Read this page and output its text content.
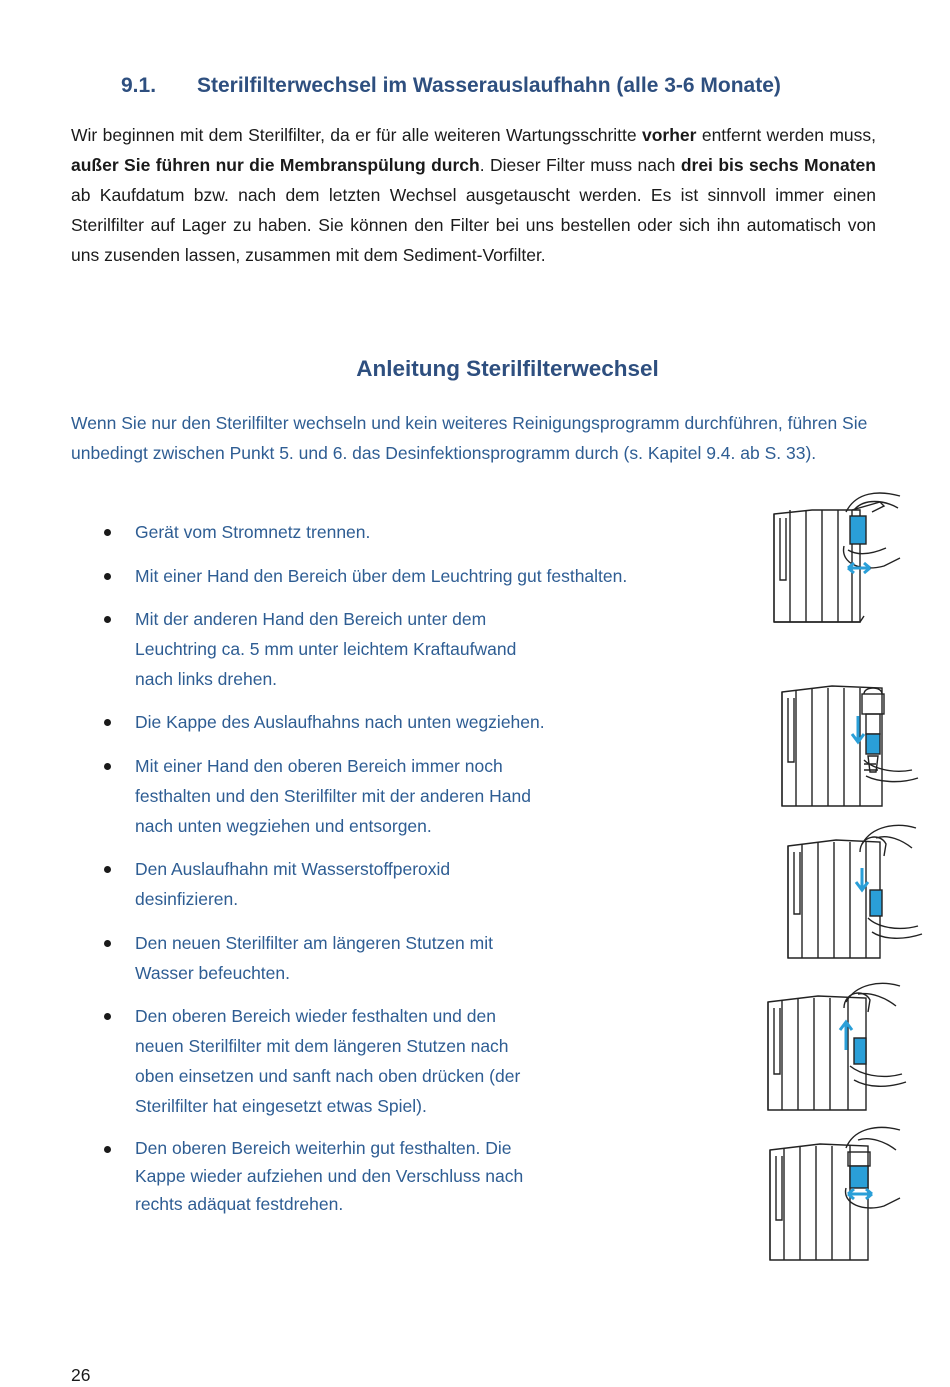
9.1. Sterilfilterwechsel im Wasserauslaufhahn (alle 3-6 Monate)

Wir beginnen mit dem Sterilfilter, da er für alle weiteren Wartungsschritte vorher entfernt werden muss, außer Sie führen nur die Membranspülung durch. Dieser Filter muss nach drei bis sechs Monaten ab Kaufdatum bzw. nach dem letzten Wechsel ausgetauscht werden. Es ist sinnvoll immer einen Sterilfilter auf Lager zu haben. Sie können den Filter bei uns bestellen oder sich ihn automatisch von uns zusenden lassen, zusammen mit dem Sediment-Vorfilter.

Anleitung Sterilfilterwechsel

Wenn Sie nur den Sterilfilter wechseln und kein weiteres Reinigungsprogramm durchführen, führen Sie unbedingt zwischen Punkt 5. und 6. das Desinfektionsprogramm durch (s. Kapitel 9.4. ab S. 33).

Gerät vom Stromnetz trennen.
Mit einer Hand den Bereich über dem Leuchtring gut festhalten.
Mit der anderen Hand den Bereich unter dem
Leuchtring ca. 5 mm unter leichtem Kraftaufwand
nach links drehen.
Die Kappe des Auslaufhahns nach unten wegziehen.
Mit einer Hand den oberen Bereich immer noch
festhalten und den Sterilfilter mit der anderen Hand
nach unten wegziehen und entsorgen.
Den Auslaufhahn mit Wasserstoffperoxid
desinfizieren.
Den neuen Sterilfilter am längeren Stutzen mit
Wasser befeuchten.
Den oberen Bereich wieder festhalten und den
neuen Sterilfilter mit dem längeren Stutzen nach
oben einsetzen und sanft nach oben drücken (der
Sterilfilter hat eingesetzt etwas Spiel).
Den oberen Bereich weiterhin gut festhalten. Die
Kappe wieder aufziehen und den Verschluss nach
rechts adäquat festdrehen.

26
